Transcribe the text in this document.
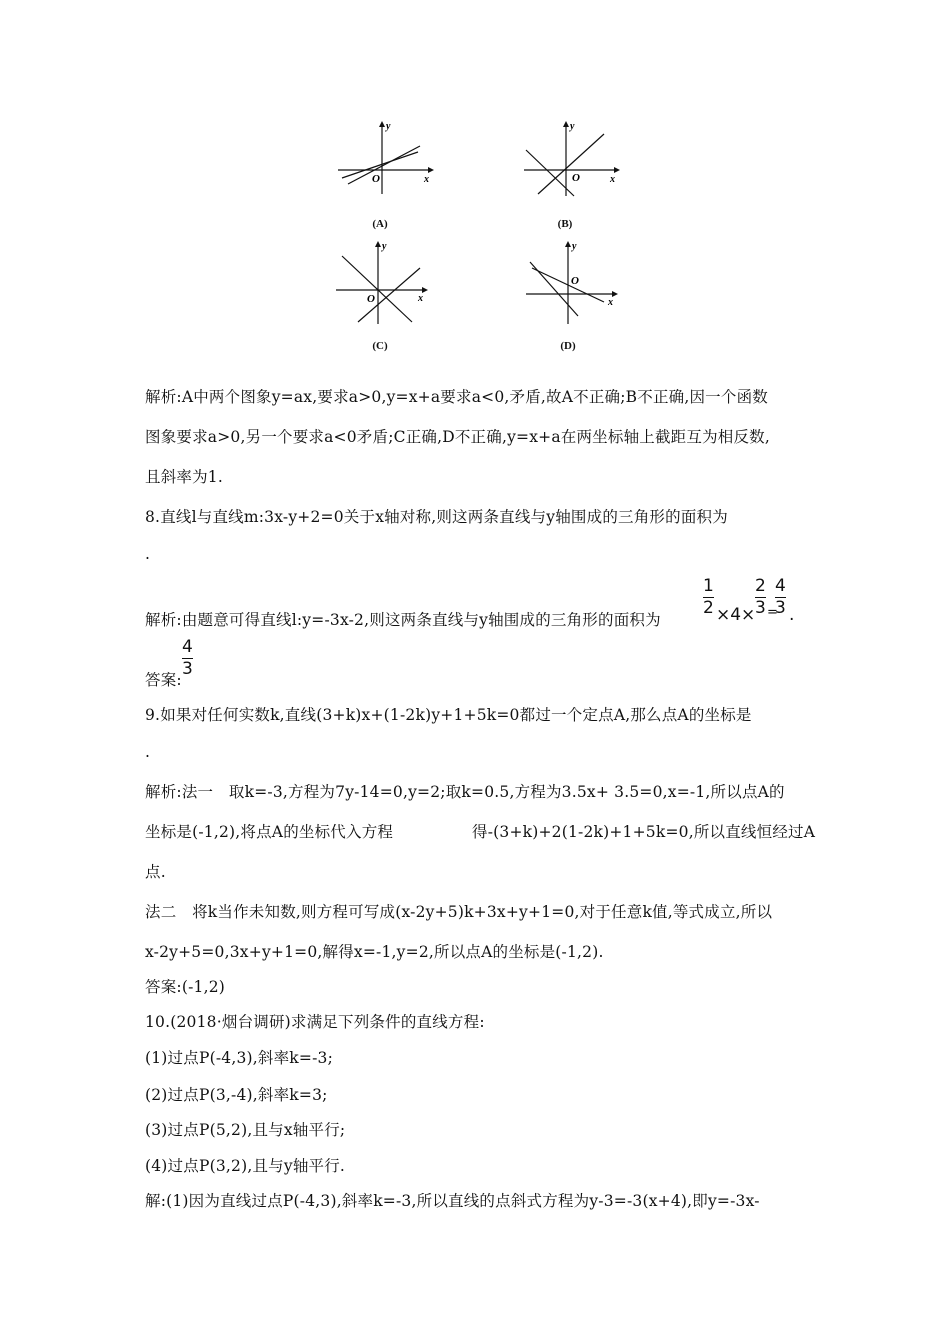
y
x
O
(A)
y
x
O
(B)
y
x
O
(C)
y
x
O
(D)
解析:A中两个图象y=ax,要求a>0,y=x+a要求a<0,矛盾,故A不正确;B不正确,因一个函数
图象要求a>0,另一个要求a<0矛盾;C正确,D不正确,y=x+a在两坐标轴上截距互为相反数,
且斜率为1.
8.直线l与直线m:3x-y+2=0关于x轴对称,则这两条直线与y轴围成的三角形的面积为
.
解析:由题意可得直线l:y=-3x-2,则这两条直线与y轴围成的三角形的面积为
1
2 ×4×
2
3 =
4
3 .
答案:
4
3
9.如果对任何实数k,直线(3+k)x+(1-2k)y+1+5k=0都过一个定点A,那么点A的坐标是
.
解析:法一　取k=-3,方程为7y-14=0,y=2;取k=0.5,方程为3.5x+ 3.5=0,x=-1,所以点A的
坐标是(-1,2),将点A的坐标代入方程	得-(3+k)+2(1-2k)+1+5k=0,所以直线恒经过A
点.
法二　将k当作未知数,则方程可写成(x-2y+5)k+3x+y+1=0,对于任意k值,等式成立,所以
x-2y+5=0,3x+y+1=0,解得x=-1,y=2,所以点A的坐标是(-1,2).
答案:(-1,2)
10.(2018·烟台调研)求满足下列条件的直线方程:
(1)过点P(-4,3),斜率k=-3;
(2)过点P(3,-4),斜率k=3;
(3)过点P(5,2),且与x轴平行;
(4)过点P(3,2),且与y轴平行.
解:(1)因为直线过点P(-4,3),斜率k=-3,所以直线的点斜式方程为y-3=-3(x+4),即y=-3x-
